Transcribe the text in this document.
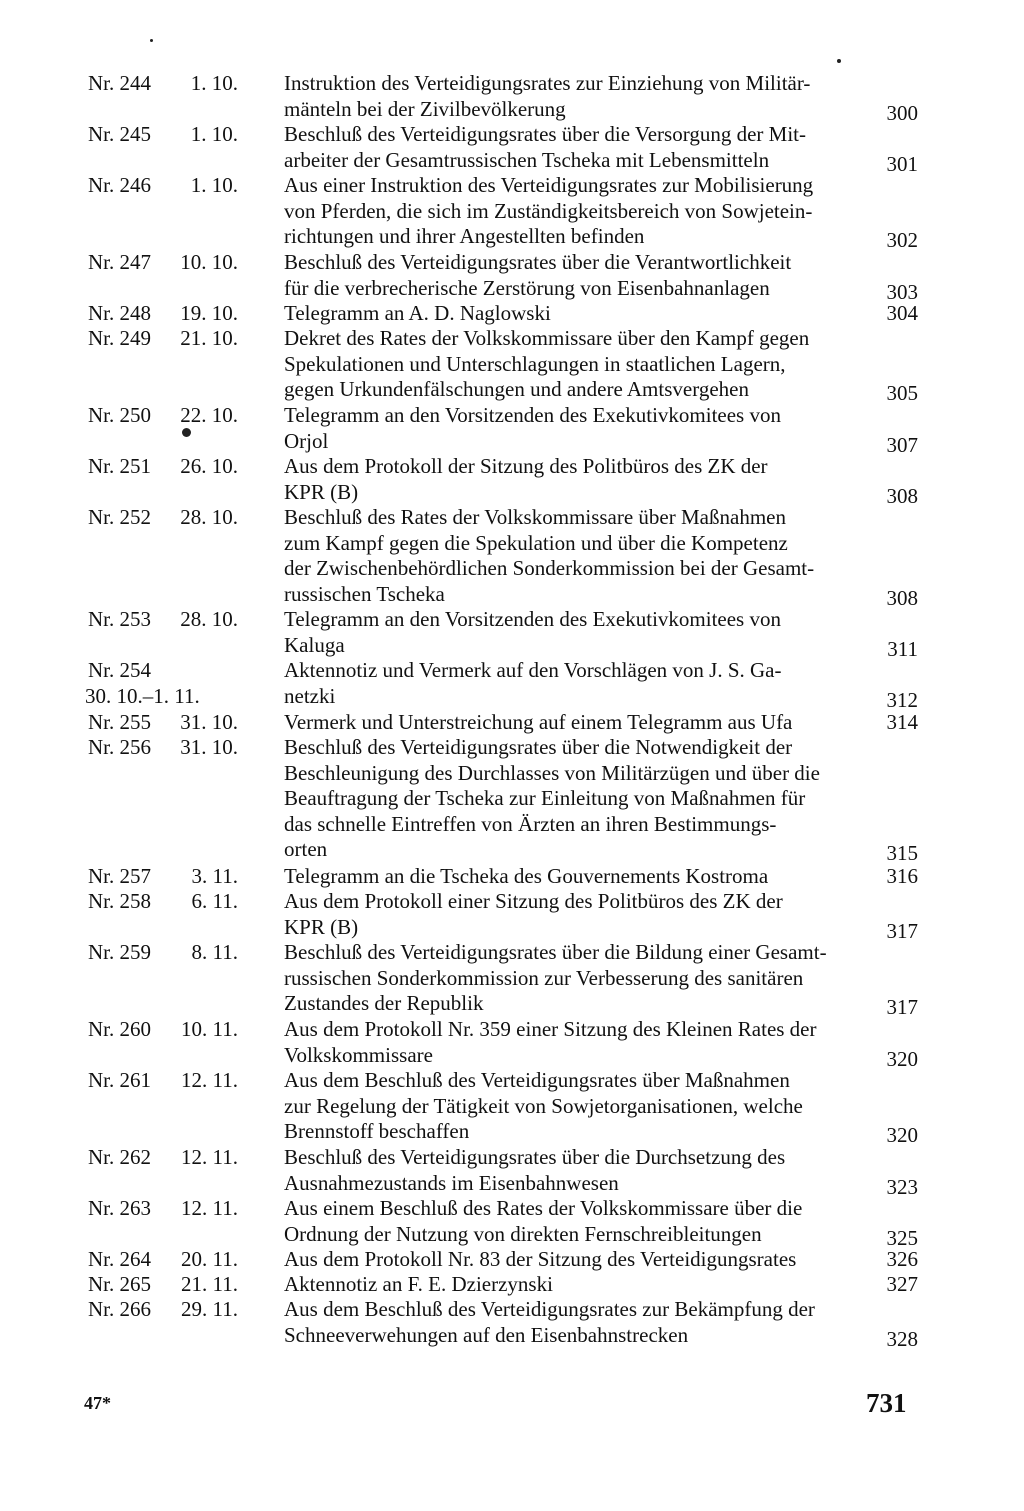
Nr. 244	1. 10. Instruktion des Verteidigungsrates zur Einziehung von Militär-
mänteln bei der Zivilbevölkerung	300
Nr. 245	1. 10. Beschluß des Verteidigungsrates über die Versorgung der Mit-
arbeiter der Gesamtrussischen Tscheka mit Lebensmitteln	301
Nr. 246	1. 10. Aus einer Instruktion des Verteidigungsrates zur Mobilisierung
von Pferden, die sich im Zuständigkeitsbereich von Sowjetein-
richtungen und ihrer Angestellten befinden	302
Nr. 247	10. 10. Beschluß des Verteidigungsrates über die Verantwortlichkeit
für die verbrecherische Zerstörung von Eisenbahnanlagen	303
Nr. 248	19. 10. Telegramm an A. D. Naglowski	304
Nr. 249	21. 10. Dekret des Rates der Volkskommissare über den Kampf gegen
Spekulationen und Unterschlagungen in staatlichen Lagern,
gegen Urkundenfälschungen und andere Amtsvergehen	305
Nr. 250	22. 10. Telegramm an den Vorsitzenden des Exekutivkomitees von
Orjol	307
Nr. 251	26. 10. Aus dem Protokoll der Sitzung des Politbüros des ZK der
KPR (B)	308
Nr. 252	28. 10. Beschluß des Rates der Volkskommissare über Maßnahmen
zum Kampf gegen die Spekulation und über die Kompetenz
der Zwischenbehördlichen Sonderkommission bei der Gesamt-
russischen Tscheka	308
Nr. 253	28. 10. Telegramm an den Vorsitzenden des Exekutivkomitees von
Kaluga	311
Nr. 254
30. 10.–1. 11.
Aktennotiz und Vermerk auf den Vorschlägen von J. S. Ga-
netzki	312
Nr. 255	31. 10. Vermerk und Unterstreichung auf einem Telegramm aus Ufa	314
Nr. 256	31. 10. Beschluß des Verteidigungsrates über die Notwendigkeit der
Beschleunigung des Durchlasses von Militärzügen und über die
Beauftragung der Tscheka zur Einleitung von Maßnahmen für
das schnelle Eintreffen von Ärzten an ihren Bestimmungs-
orten	315
Nr. 257	3. 11. Telegramm an die Tscheka des Gouvernements Kostroma	316
Nr. 258	6. 11. Aus dem Protokoll einer Sitzung des Politbüros des ZK der
KPR (B)	317
Nr. 259	8. 11. Beschluß des Verteidigungsrates über die Bildung einer Gesamt-
russischen Sonderkommission zur Verbesserung des sanitären
Zustandes der Republik	317
Nr. 260	10. 11. Aus dem Protokoll Nr. 359 einer Sitzung des Kleinen Rates der
Volkskommissare	320
Nr. 261	12. 11. Aus dem Beschluß des Verteidigungsrates über Maßnahmen
zur Regelung der Tätigkeit von Sowjetorganisationen, welche
Brennstoff beschaffen	320
Nr. 262	12. 11. Beschluß des Verteidigungsrates über die Durchsetzung des
Ausnahmezustands im Eisenbahnwesen	323
Nr. 263	12. 11. Aus einem Beschluß des Rates der Volkskommissare über die
Ordnung der Nutzung von direkten Fernschreibleitungen	325
Nr. 264	20. 11. Aus dem Protokoll Nr. 83 der Sitzung des Verteidigungsrates	326
Nr. 265	21. 11. Aktennotiz an F. E. Dzierzynski	327
Nr. 266	29. 11. Aus dem Beschluß des Verteidigungsrates zur Bekämpfung der
Schneeverwehungen auf den Eisenbahnstrecken	328
47*	731
